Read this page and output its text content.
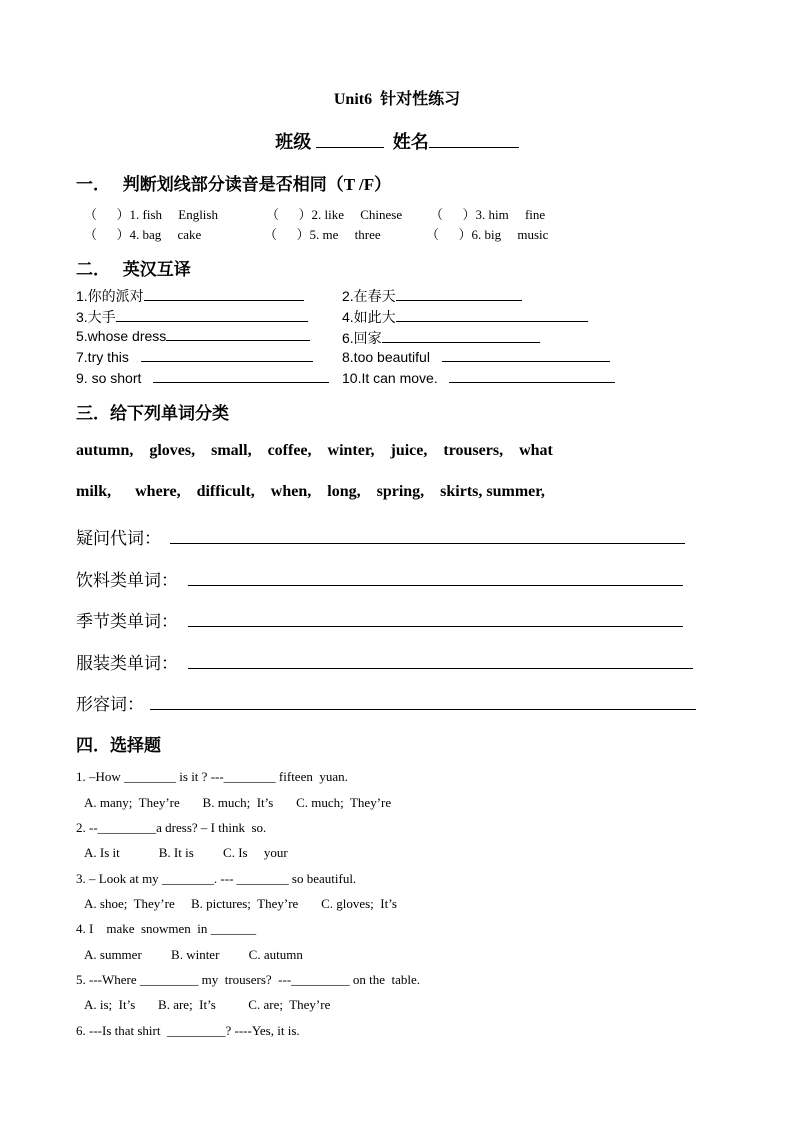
Unit6  针对性练习
班级	姓名
一．   判断划线部分读音是否相同（T /F）
（      ）1. fish     English	（      ）2. like     Chinese （      ）3. him     fine
（      ）4. bag     cake	（      ）5. me     three	（      ）6. big     music
二．   英汉互译
1.你的派对	2.在春天
3.大手	4.如此大
5.whose dress	6.回家
7.try this	8.too beautiful
9. so short	10.It can move.
三．给下列单词分类
autumn,    gloves,    small,    coffee,    winter,    juice,    trousers,    what
milk,      where,    difficult,    when,    long,    spring,    skirts, summer,
疑问代词：
饮料类单词：
季节类单词：
服装类单词：
形容词：
四．选择题
1. –How ________ is it ? ---________ fifteen  yuan.
A. many;  They’re       B. much;  It’s       C. much;  They’re
2. --_________a dress? – I think  so.
A. Is it            B. It is         C. Is     your
3. – Look at my ________. --- ________ so beautiful.
A. shoe;  They’re     B. pictures;  They’re       C. gloves;  It’s
4. I    make  snowmen  in _______
A. summer         B. winter         C. autumn
5. ---Where _________ my  trousers?  ---_________ on the  table.
A. is;  It’s       B. are;  It’s          C. are;  They’re
6. ---Is that shirt  _________? ----Yes, it is.
